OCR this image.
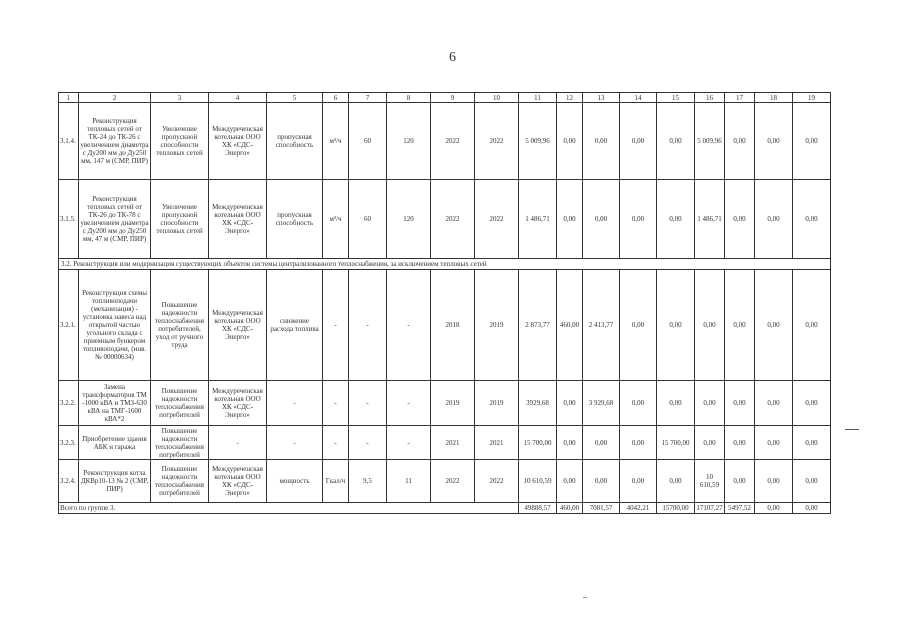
6
1	2	3	4	5	6	7	8	9	10	11	12	13	14	15	16	17	18	19
3.1.4.	Реконструкция тепловых сетей от ТК-24 до ТК-26 с увеличением диаметра с Ду200 мм до Ду250 мм, 147 м (СМР, ПИР)	Увеличение пропускной способности тепловых сетей	Междуреченская котельная ООО ХК «СДС-Энерго»	пропускная способность	м³/ч	60	120	2022	2022	5 009,96	0,00	0,00	0,00	0,00	5 009,96	0,00	0,00	0,00
3.1.5.	Реконструкция тепловых сетей от ТК-26 до ТК-78 с увеличением диаметра с Ду200 мм до Ду250 мм, 47 м (СМР, ПИР)	Увеличение пропускной способности тепловых сетей	Междуреченская котельная ООО ХК «СДС-Энерго»	пропускная способность	м³/ч	60	120	2022	2022	1 486,71	0,00	0,00	0,00	0,00	1 486,71	0,00	0,00	0,00
3.2. Реконструкция или модернизация существующих объектов системы централизованного теплоснабжения, за исключением тепловых сетей																		
3.2.1.	Реконструкция схемы топливоподачи (механизация) - установка навеса над открытой частью угольного склада с приемным бункером топливоподачи, (инв. № 00000634)	Повышение надежности теплоснабжения потребителей, уход от ручного труда	Междуреченская котельная ООО ХК «СДС-Энерго»	снижение расхода топлива	-	-	-	2018	2019	2 873,77	460,00	2 413,77	0,00	0,00	0,00	0,00	0,00	0,00
3.2.2.	Замена трансформаторов ТМ -1000 кВА и ТМЗ-630 кВА на ТМГ-1600 кВА*2	Повышение надежности теплоснабжения потребителей	Междуреченская котельная ООО ХК «СДС-Энерго»	-	-	-	-	2019	2019	3929,68	0,00	3 929,68	0,00	0,00	0,00	0,00	0,00	0,00
3.2.3.	Приобретение здания АБК и гаража	Повышение надежности теплоснабжения потребителей	-	-	-	-	-	2021	2021	15 700,00	0,00	0,00	0,00	15 700,00	0,00	0,00	0,00	0,00
3.2.4.	Реконструкция котла ДКВр10-13 № 2 (СМР, ПИР)	Повышение надежности теплоснабжения потребителей	Междуреченская котельная ООО ХК «СДС-Энерго»	мощность	Гкал/ч	9,5	11	2022	2022	10 610,59	0,00	0,00	0,00	0,00	10 610,59	0,00	0,00	0,00
Всего по группе 3.										49888,57	460,00	7081,57	4042,21	15700,00	17107,27	5497,52	0,00	0,00
